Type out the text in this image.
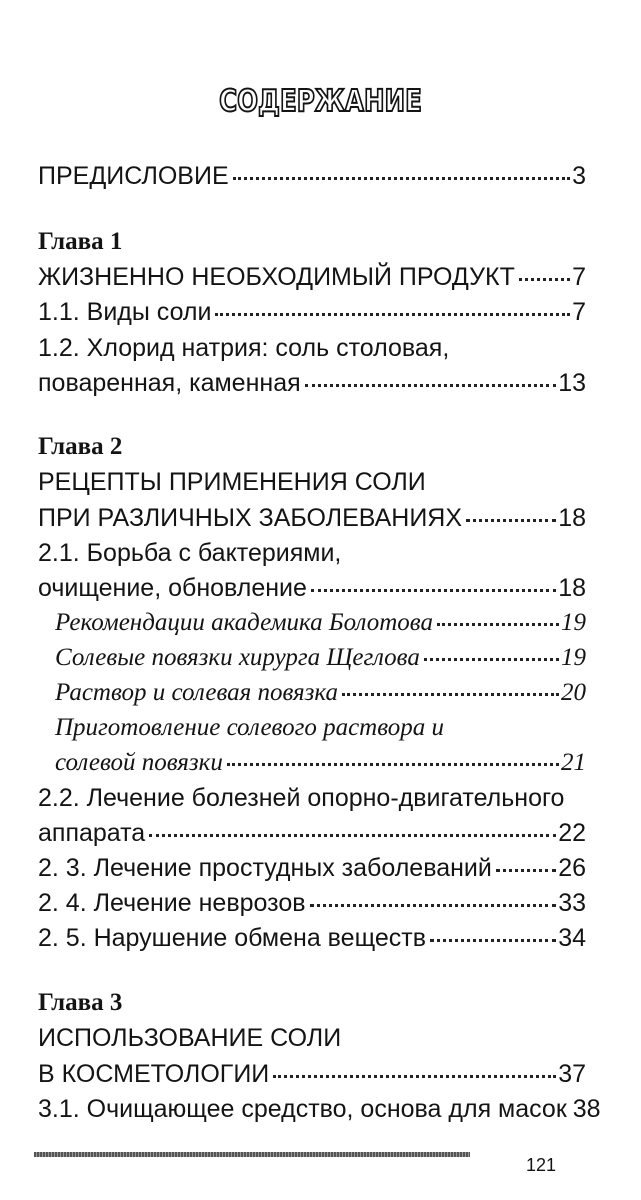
СОДЕРЖАНИЕ
ПРЕДИСЛОВИЕ	3
Глава 1
ЖИЗНЕННО НЕОБХОДИМЫЙ ПРОДУКТ 7
1.1. Виды соли	7
1.2. Хлорид натрия: соль столовая,
поваренная, каменная	13
Глава 2
РЕЦЕПТЫ ПРИМЕНЕНИЯ СОЛИ
ПРИ РАЗЛИЧНЫХ ЗАБОЛЕВАНИЯХ	18
2.1. Борьба с бактериями,
очищение, обновление	18
Рекомендации академика Болотова	19
Солевые повязки хирурга Щеглова	19
Раствор и солевая повязка	20
Приготовление солевого раствора и
солевой повязки	21
2.2. Лечение болезней опорно-двигательного
аппарата	22
2. 3. Лечение простудных заболеваний	26
2. 4. Лечение неврозов	33
2. 5. Нарушение обмена веществ	34
Глава 3
ИСПОЛЬЗОВАНИЕ СОЛИ
В КОСМЕТОЛОГИИ	37
3.1. Очищающее средство, основа для масок 38
121
